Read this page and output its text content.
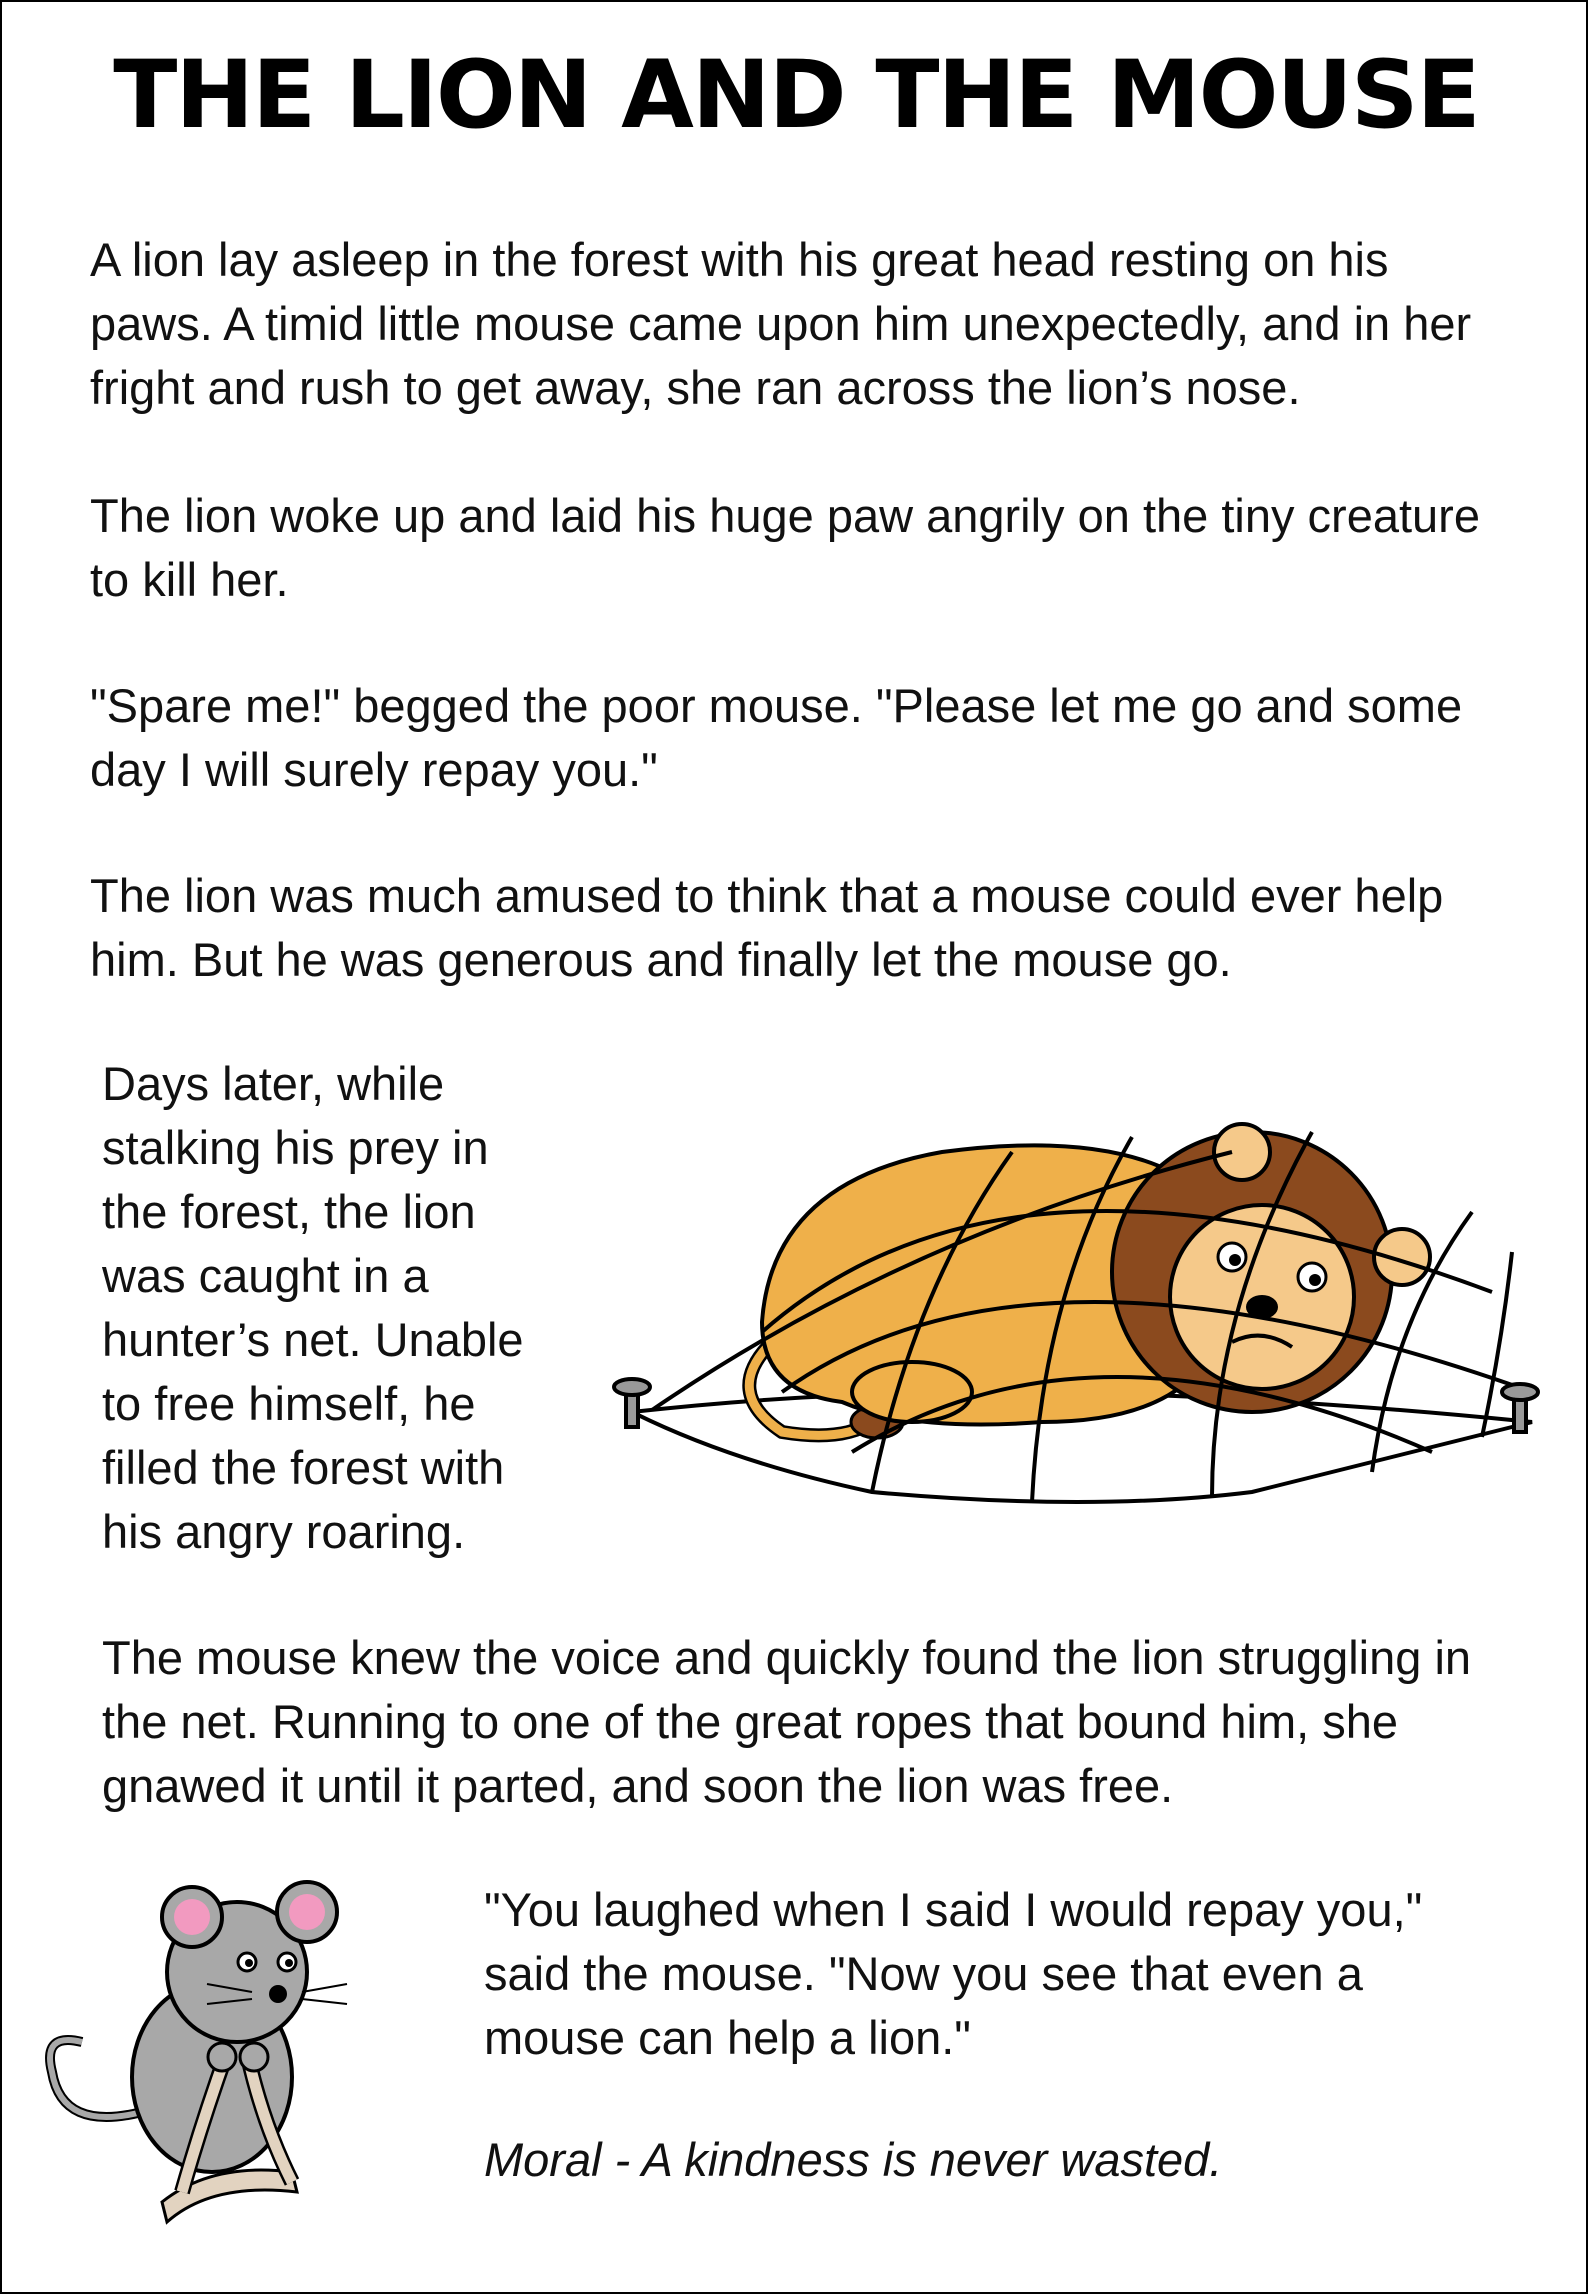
THE LION AND THE MOUSE

A lion lay asleep in the forest with his great head resting on his paws. A timid little mouse came upon him unexpectedly, and in her fright and rush to get away, she ran across the lion’s nose.

The lion woke up and laid his huge paw angrily on the tiny creature to kill her.

"Spare me!" begged the poor mouse. "Please let me go and some day I will surely repay you."

The lion was much amused to think that a mouse could ever help him. But he was generous and finally let the mouse go.

Days later, while stalking his prey in the forest, the lion was caught in a hunter’s net. Unable to free himself, he filled the forest with his angry roaring.

The mouse knew the voice and quickly found the lion struggling in the net. Running to one of the great ropes that bound him, she gnawed it until it parted, and soon the lion was free.

"You laughed when I said I would repay you," said the mouse. "Now you see that even a mouse can help a lion."

Moral - A kindness is never wasted.
